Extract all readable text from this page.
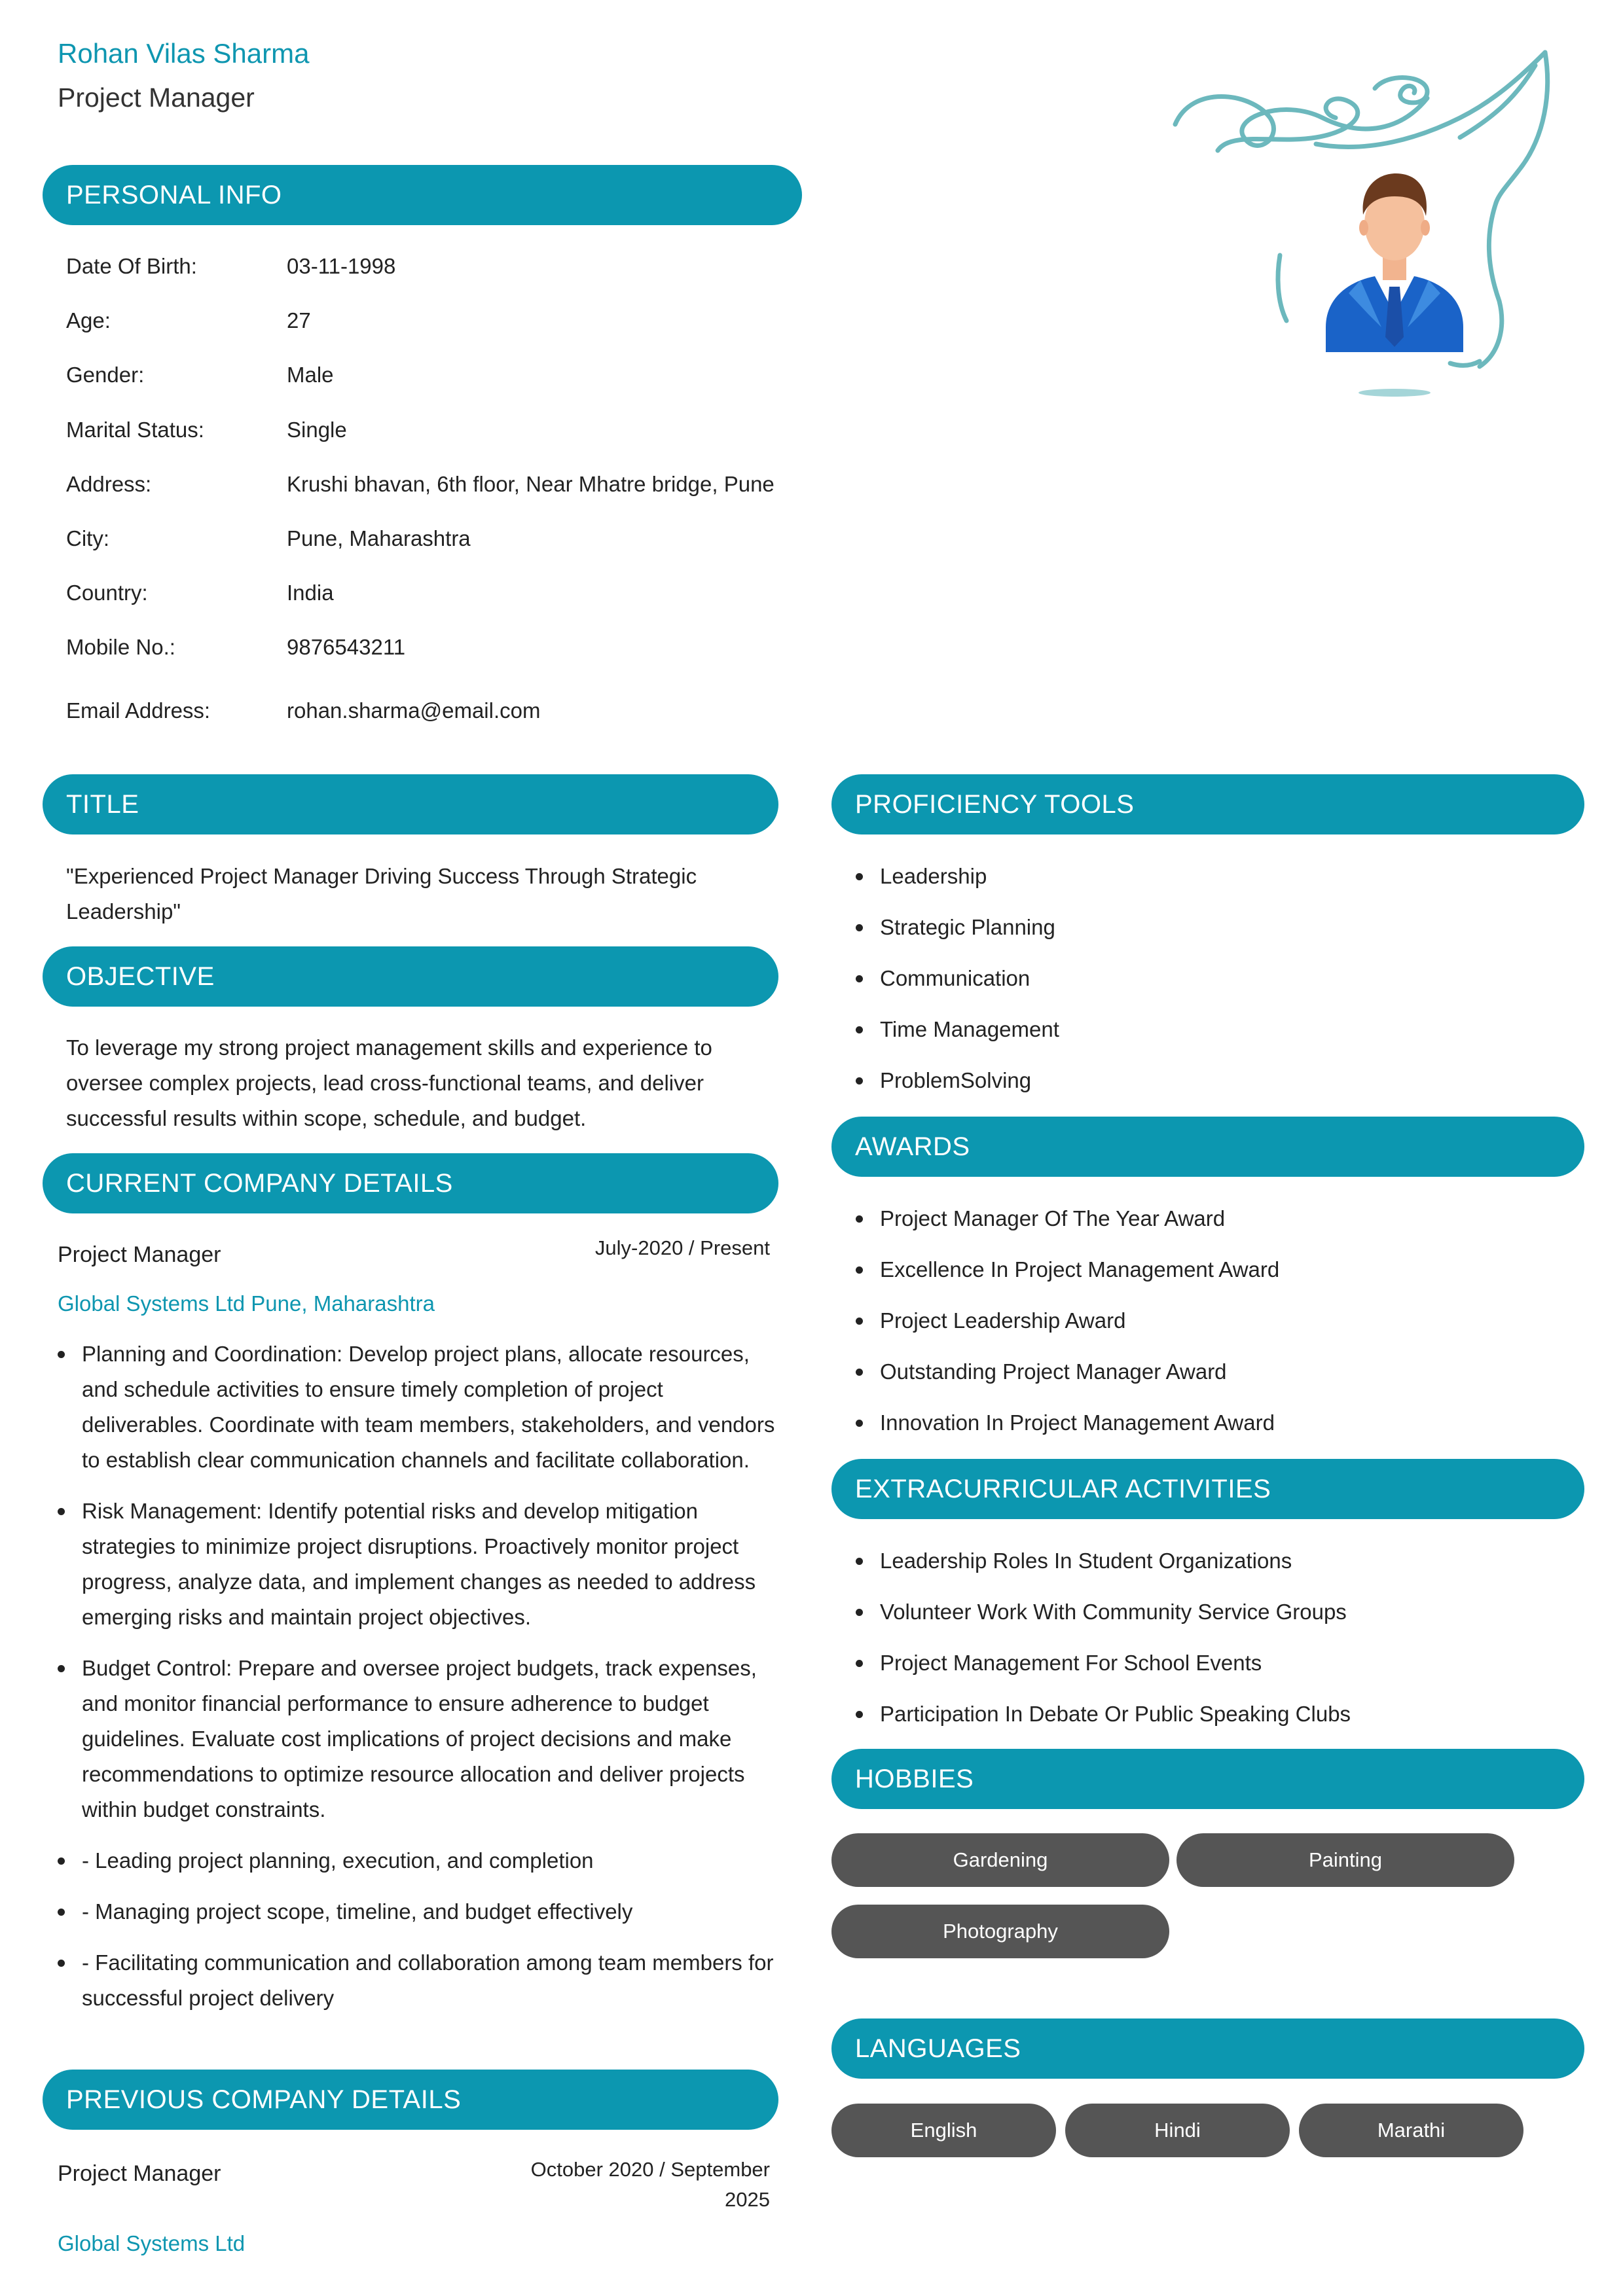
Rohan Vilas Sharma
Project Manager
PERSONAL INFO
Date Of Birth:	03-11-1998
Age:	27
Gender:	Male
Marital Status:	Single
Address:	Krushi bhavan, 6th floor, Near Mhatre bridge, Pune
City:	Pune, Maharashtra
Country:	India
Mobile No.:	9876543211
Email Address:	rohan.sharma@email.com
TITLE
"Experienced Project Manager Driving Success Through Strategic Leadership"
OBJECTIVE
To leverage my strong project management skills and experience to oversee complex projects, lead cross-functional teams, and deliver successful results within scope, schedule, and budget.
CURRENT COMPANY DETAILS
Project Manager	July-2020 / Present
Global Systems Ltd Pune, Maharashtra
Planning and Coordination: Develop project plans, allocate resources, and schedule activities to ensure timely completion of project deliverables. Coordinate with team members, stakeholders, and vendors to establish clear communication channels and facilitate collaboration.
Risk Management: Identify potential risks and develop mitigation strategies to minimize project disruptions. Proactively monitor project progress, analyze data, and implement changes as needed to address emerging risks and maintain project objectives.
Budget Control: Prepare and oversee project budgets, track expenses, and monitor financial performance to ensure adherence to budget guidelines. Evaluate cost implications of project decisions and make recommendations to optimize resource allocation and deliver projects within budget constraints.
- Leading project planning, execution, and completion
- Managing project scope, timeline, and budget effectively
- Facilitating communication and collaboration among team members for successful project delivery
PREVIOUS COMPANY DETAILS
Project Manager	October 2020 / September 2025
Global Systems Ltd
PROFICIENCY TOOLS
Leadership
Strategic Planning
Communication
Time Management
ProblemSolving
AWARDS
Project Manager Of The Year Award
Excellence In Project Management Award
Project Leadership Award
Outstanding Project Manager Award
Innovation In Project Management Award
EXTRACURRICULAR ACTIVITIES
Leadership Roles In Student Organizations
Volunteer Work With Community Service Groups
Project Management For School Events
Participation In Debate Or Public Speaking Clubs
HOBBIES
Gardening	Painting
Photography
LANGUAGES
English	Hindi	Marathi
